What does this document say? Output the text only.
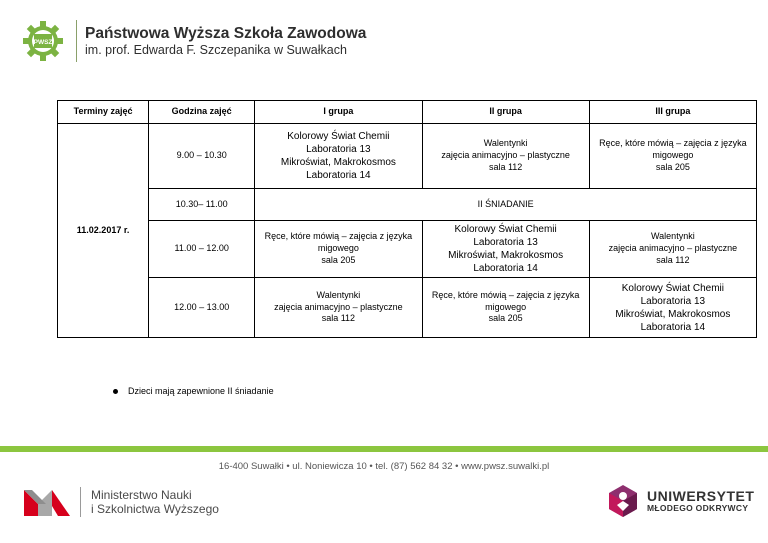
PWSZ
Państwowa Wyższa Szkoła Zawodowa
im. prof. Edwarda F. Szczepanika w Suwałkach
Terminy zajęć	Godzina zajęć	I grupa	II grupa	III grupa
11.02.2017 r.	9.00 – 10.30	Kolorowy Świat Chemii
Laboratoria 13
Mikroświat, Makrokosmos
Laboratoria 14	Walentynki
zajęcia animacyjno – plastyczne
sala 112	Ręce, które mówią – zajęcia z języka
migowego
sala 205

	10.30– 11.00	II ŚNIADANIE		
	11.00 – 12.00	Ręce, które mówią – zajęcia z języka
migowego
sala 205	Kolorowy Świat Chemii
Laboratoria 13
Mikroświat, Makrokosmos
Laboratoria 14	Walentynki
zajęcia animacyjno – plastyczne
sala 112

	12.00 – 13.00	Walentynki
zajęcia animacyjno – plastyczne
sala 112	Ręce, które mówią – zajęcia z języka
migowego
sala 205	Kolorowy Świat Chemii
Laboratoria 13
Mikroświat, Makrokosmos
Laboratoria 14
Dzieci mają zapewnione II śniadanie
16-400 Suwałki • ul. Noniewicza 10 • tel. (87) 562 84 32 • www.pwsz.suwalki.pl
Ministerstwo Nauki
i Szkolnictwa Wyższego
UNIWERSYTET
MŁODEGO ODKRYWCY
